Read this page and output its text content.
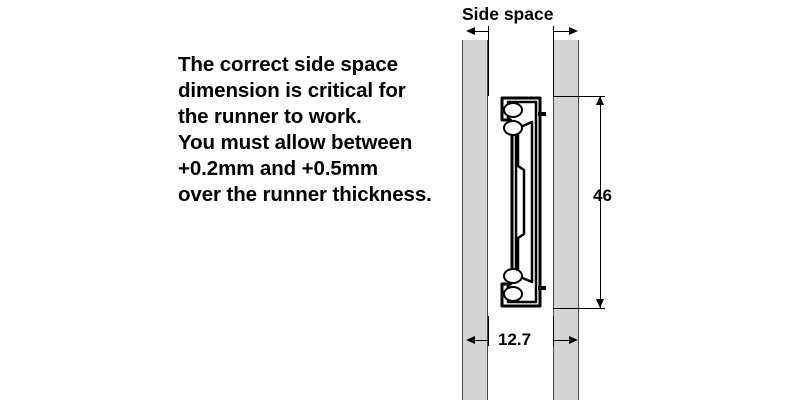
The correct side space
dimension is critical for
the runner to work.
You must allow between
+0.2mm and +0.5mm
over the runner thickness.
Side space
46
12.7
